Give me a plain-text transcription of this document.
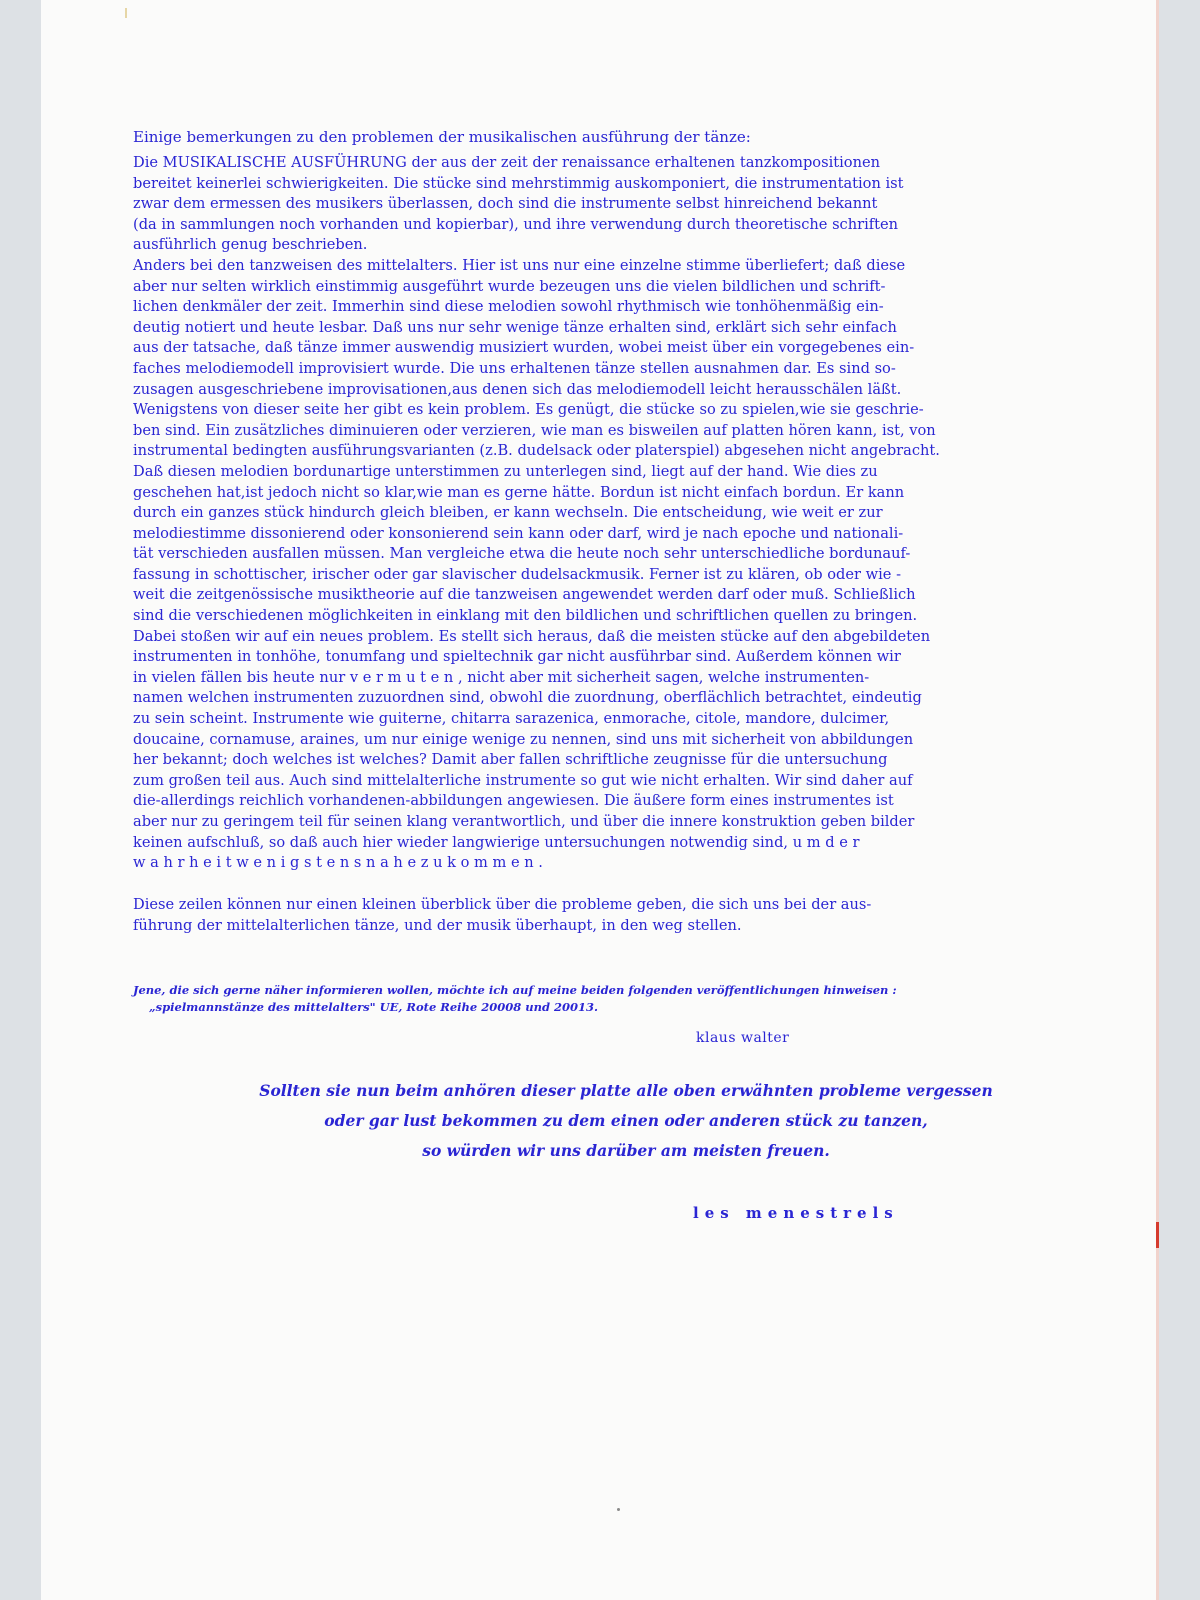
Einige bemerkungen zu den problemen der musikalischen ausführung der tänze:
Die MUSIKALISCHE AUSFÜHRUNG der aus der zeit der renaissance erhaltenen tanzkompositionen
bereitet keinerlei schwierigkeiten. Die stücke sind mehrstimmig auskomponiert, die instrumentation ist
zwar dem ermessen des musikers überlassen, doch sind die instrumente selbst hinreichend bekannt
(da in sammlungen noch vorhanden und kopierbar), und ihre verwendung durch theoretische schriften
ausführlich genug beschrieben.
Anders bei den tanzweisen des mittelalters. Hier ist uns nur eine einzelne stimme überliefert; daß diese
aber nur selten wirklich einstimmig ausgeführt wurde bezeugen uns die vielen bildlichen und schrift-
lichen denkmäler der zeit. Immerhin sind diese melodien sowohl rhythmisch wie tonhöhenmäßig ein-
deutig notiert und heute lesbar. Daß uns nur sehr wenige tänze erhalten sind, erklärt sich sehr einfach
aus der tatsache, daß tänze immer auswendig musiziert wurden, wobei meist über ein vorgegebenes ein-
faches melodiemodell improvisiert wurde. Die uns erhaltenen tänze stellen ausnahmen dar. Es sind so-
zusagen ausgeschriebene improvisationen,aus denen sich das melodiemodell leicht herausschälen läßt.
Wenigstens von dieser seite her gibt es kein problem. Es genügt, die stücke so zu spielen,wie sie geschrie-
ben sind. Ein zusätzliches diminuieren oder verzieren, wie man es bisweilen auf platten hören kann, ist, von
instrumental bedingten ausführungsvarianten (z.B. dudelsack oder platerspiel) abgesehen nicht angebracht.
Daß diesen melodien bordunartige unterstimmen zu unterlegen sind, liegt auf der hand. Wie dies zu
geschehen hat,ist jedoch nicht so klar,wie man es gerne hätte. Bordun ist nicht einfach bordun. Er kann
durch ein ganzes stück hindurch gleich bleiben, er kann wechseln. Die entscheidung, wie weit er zur
melodiestimme dissonierend oder konsonierend sein kann oder darf, wird je nach epoche und nationali-
tät verschieden ausfallen müssen. Man vergleiche etwa die heute noch sehr unterschiedliche bordunauf-
fassung in schottischer, irischer oder gar slavischer dudelsackmusik. Ferner ist zu klären, ob oder wie -
weit die zeitgenössische musiktheorie auf die tanzweisen angewendet werden darf oder muß. Schließlich
sind die verschiedenen möglichkeiten in einklang mit den bildlichen und schriftlichen quellen zu bringen.
Dabei stoßen wir auf ein neues problem. Es stellt sich heraus, daß die meisten stücke auf den abgebildeten
instrumenten in tonhöhe, tonumfang und spieltechnik gar nicht ausführbar sind. Außerdem können wir
in vielen fällen bis heute nur v e r m u t e n , nicht aber mit sicherheit sagen, welche instrumenten-
namen welchen instrumenten zuzuordnen sind, obwohl die zuordnung, oberflächlich betrachtet, eindeutig
zu sein scheint. Instrumente wie guiterne, chitarra sarazenica, enmorache, citole, mandore, dulcimer,
doucaine, cornamuse, araines, um nur einige wenige zu nennen, sind uns mit sicherheit von abbildungen
her bekannt; doch welches ist welches? Damit aber fallen schriftliche zeugnisse für die untersuchung
zum großen teil aus. Auch sind mittelalterliche instrumente so gut wie nicht erhalten. Wir sind daher auf
die-allerdings reichlich vorhandenen-abbildungen angewiesen. Die äußere form eines instrumentes ist
aber nur zu geringem teil für seinen klang verantwortlich, und über die innere konstruktion geben bilder
keinen aufschluß, so daß auch hier wieder langwierige untersuchungen notwendig sind, u m d e r
w a h r h e i t w e n i g s t e n s n a h e z u k o m m e n .
Diese zeilen können nur einen kleinen überblick über die probleme geben, die sich uns bei der aus-
führung der mittelalterlichen tänze, und der musik überhaupt, in den weg stellen.
Jene, die sich gerne näher informieren wollen, möchte ich auf meine beiden folgenden veröffentlichungen hinweisen :
„spielmannstänze des mittelalters" UE, Rote Reihe 20008 und 20013.
klaus walter
Sollten sie nun beim anhören dieser platte alle oben erwähnten probleme vergessen
oder gar lust bekommen zu dem einen oder anderen stück zu tanzen,
so würden wir uns darüber am meisten freuen.
les menestrels
